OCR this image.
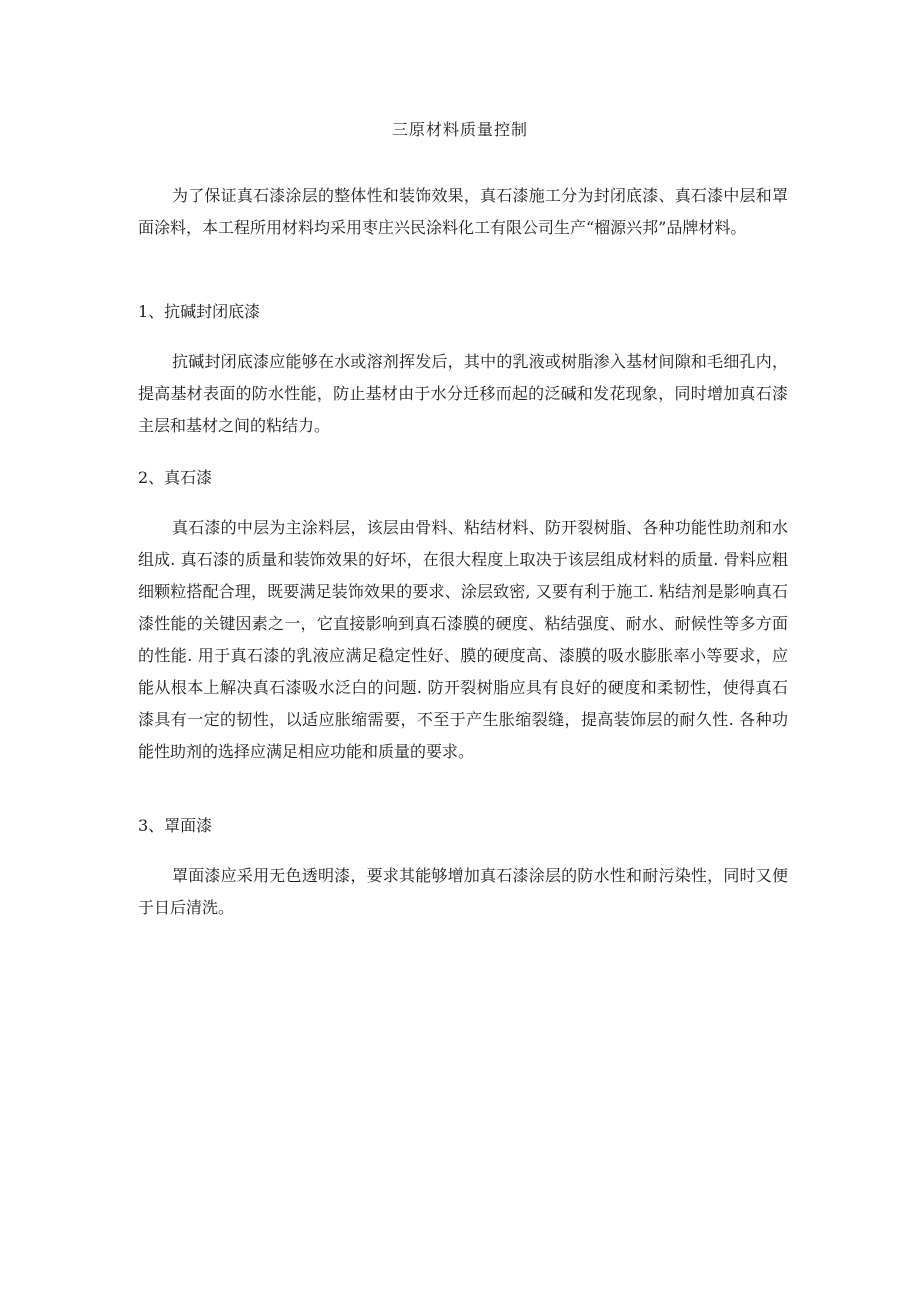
三原材料质量控制

为了保证真石漆涂层的整体性和装饰效果，真石漆施工分为封闭底漆、真石漆中层和罩面涂料，本工程所用材料均采用枣庄兴民涂料化工有限公司生产“榴源兴邦”品牌材料。

1、抗碱封闭底漆

抗碱封闭底漆应能够在水或溶剂挥发后，其中的乳液或树脂渗入基材间隙和毛细孔内，提高基材表面的防水性能，防止基材由于水分迁移而起的泛碱和发花现象，同时增加真石漆主层和基材之间的粘结力。

2、真石漆

真石漆的中层为主涂料层，该层由骨料、粘结材料、防开裂树脂、各种功能性助剂和水组成. 真石漆的质量和装饰效果的好坏，在很大程度上取决于该层组成材料的质量. 骨料应粗细颗粒搭配合理，既要满足装饰效果的要求、涂层致密, 又要有利于施工. 粘结剂是影响真石漆性能的关键因素之一，它直接影响到真石漆膜的硬度、粘结强度、耐水、耐候性等多方面的性能. 用于真石漆的乳液应满足稳定性好、膜的硬度高、漆膜的吸水膨胀率小等要求，应能从根本上解决真石漆吸水泛白的问题. 防开裂树脂应具有良好的硬度和柔韧性，使得真石漆具有一定的韧性，以适应胀缩需要，不至于产生胀缩裂缝，提高装饰层的耐久性. 各种功能性助剂的选择应满足相应功能和质量的要求。

3、罩面漆

罩面漆应采用无色透明漆，要求其能够增加真石漆涂层的防水性和耐污染性，同时又便于日后清洗。
